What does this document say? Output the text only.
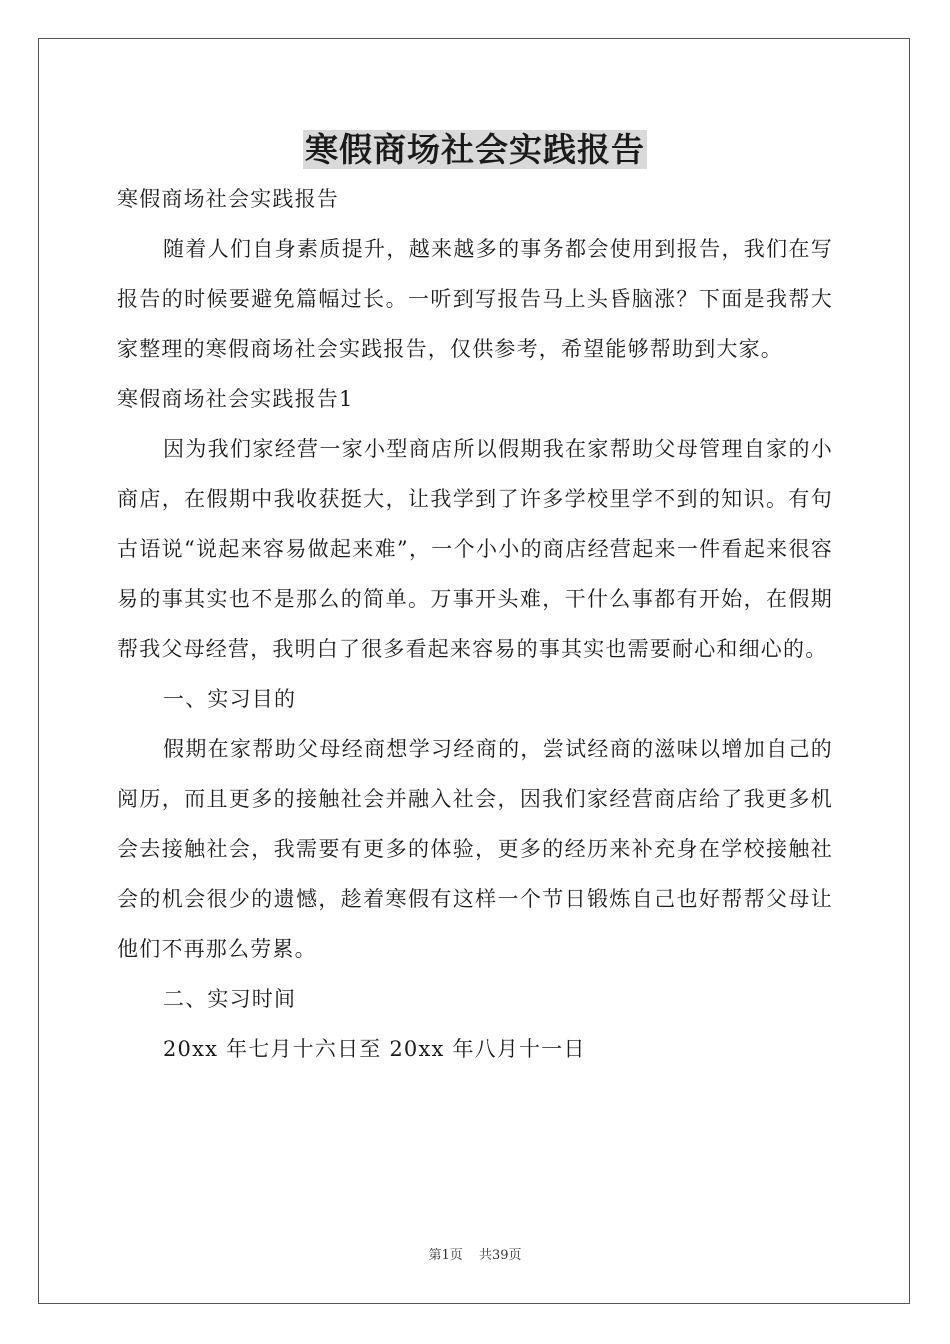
寒假商场社会实践报告

寒假商场社会实践报告

随着人们自身素质提升，越来越多的事务都会使用到报告，我们在写报告的时候要避免篇幅过长。一听到写报告马上头昏脑涨？下面是我帮大家整理的寒假商场社会实践报告，仅供参考，希望能够帮助到大家。

寒假商场社会实践报告1

因为我们家经营一家小型商店所以假期我在家帮助父母管理自家的小商店，在假期中我收获挺大，让我学到了许多学校里学不到的知识。有句古语说“说起来容易做起来难”，一个小小的商店经营起来一件看起来很容易的事其实也不是那么的简单。万事开头难，干什么事都有开始，在假期帮我父母经营，我明白了很多看起来容易的事其实也需要耐心和细心的。

一、实习目的

假期在家帮助父母经商想学习经商的，尝试经商的滋味以增加自己的阅历，而且更多的接触社会并融入社会，因我们家经营商店给了我更多机会去接触社会，我需要有更多的体验，更多的经历来补充身在学校接触社会的机会很少的遗憾，趁着寒假有这样一个节日锻炼自己也好帮帮父母让他们不再那么劳累。

二、实习时间

20xx 年七月十六日至 20xx 年八月十一日

第1页 共39页
